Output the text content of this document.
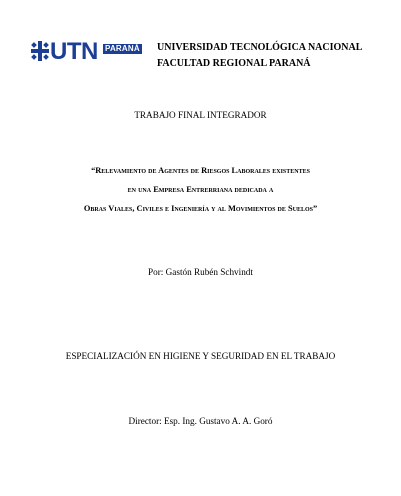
UTN PARANÁ UNIVERSIDAD TECNOLÓGICA NACIONAL
FACULTAD REGIONAL PARANÁ
TRABAJO FINAL INTEGRADOR
“Relevamiento de Agentes de Riesgos Laborales existentes
en una Empresa Entrerriana dedicada a
Obras Viales, Civiles e Ingeniería y al Movimientos de Suelos”
Por: Gastón Rubén Schvindt
ESPECIALIZACIÓN EN HIGIENE Y SEGURIDAD EN EL TRABAJO
Director: Esp. Ing. Gustavo A. A. Goró
